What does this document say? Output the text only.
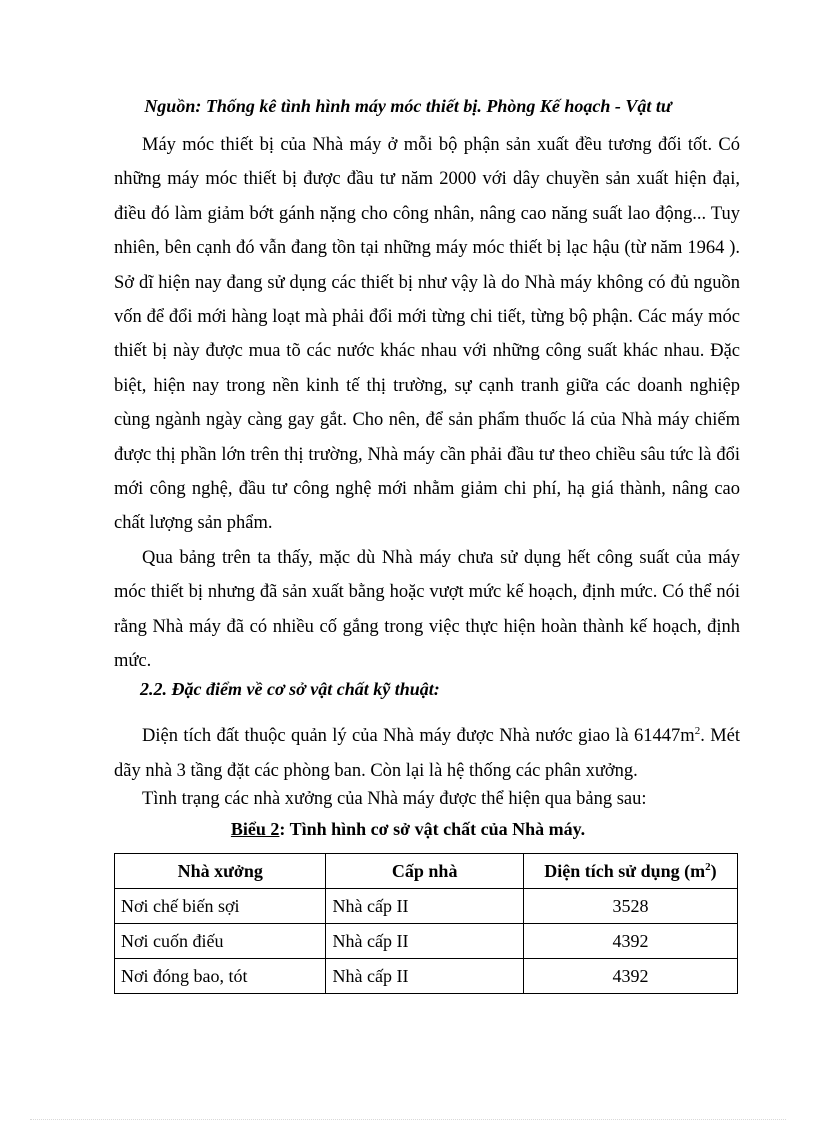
Nguồn: Thống kê tình hình máy móc thiết bị. Phòng Kế hoạch - Vật tư

Máy móc thiết bị của Nhà máy ở mỗi bộ phận sản xuất đều tương đối tốt. Có những máy móc thiết bị được đầu tư năm 2000 với dây chuyền sản xuất hiện đại, điều đó làm giảm bớt gánh nặng cho công nhân, nâng cao năng suất lao động... Tuy nhiên, bên cạnh đó vẫn đang tồn tại những máy móc thiết bị lạc hậu (từ năm 1964 ). Sở dĩ hiện nay đang sử dụng các thiết bị như vậy là do Nhà máy không có đủ nguồn vốn để đổi mới hàng loạt mà phải đổi mới từng chi tiết, từng bộ phận. Các máy móc thiết bị này được mua tõ các nước khác nhau với những công suất khác nhau. Đặc biệt, hiện nay trong nền kinh tế thị trường, sự cạnh tranh giữa các doanh nghiệp cùng ngành ngày càng gay gắt. Cho nên, để sản phẩm thuốc lá của Nhà máy chiếm được thị phần lớn trên thị trường, Nhà máy cần phải đầu tư theo chiều sâu tức là đổi mới công nghệ, đầu tư công nghệ mới nhằm giảm chi phí, hạ giá thành, nâng cao chất lượng sản phẩm.

Qua bảng trên ta thấy, mặc dù Nhà máy chưa sử dụng hết công suất của máy móc thiết bị nhưng đã sản xuất bằng hoặc vượt mức kế hoạch, định mức. Có thể nói rằng Nhà máy đã có nhiều cố gắng trong việc thực hiện hoàn thành kế hoạch, định mức.

2.2. Đặc điểm về cơ sở vật chất kỹ thuật:

Diện tích đất thuộc quản lý của Nhà máy được Nhà nước giao là $61447m^2$. Mét dãy nhà 3 tầng đặt các phòng ban. Còn lại là hệ thống các phân xưởng.

Tình trạng các nhà xưởng của Nhà máy được thể hiện qua bảng sau:

Biểu 2: Tình hình cơ sở vật chất của Nhà máy.
Nhà xưởng	Cấp nhà	Diện tích sử dụng $(m^2)$
Nơi chế biến sợi	Nhà cấp II	3528
Nơi cuốn điếu	Nhà cấp II	4392
Nơi đóng bao, tót	Nhà cấp II	4392
